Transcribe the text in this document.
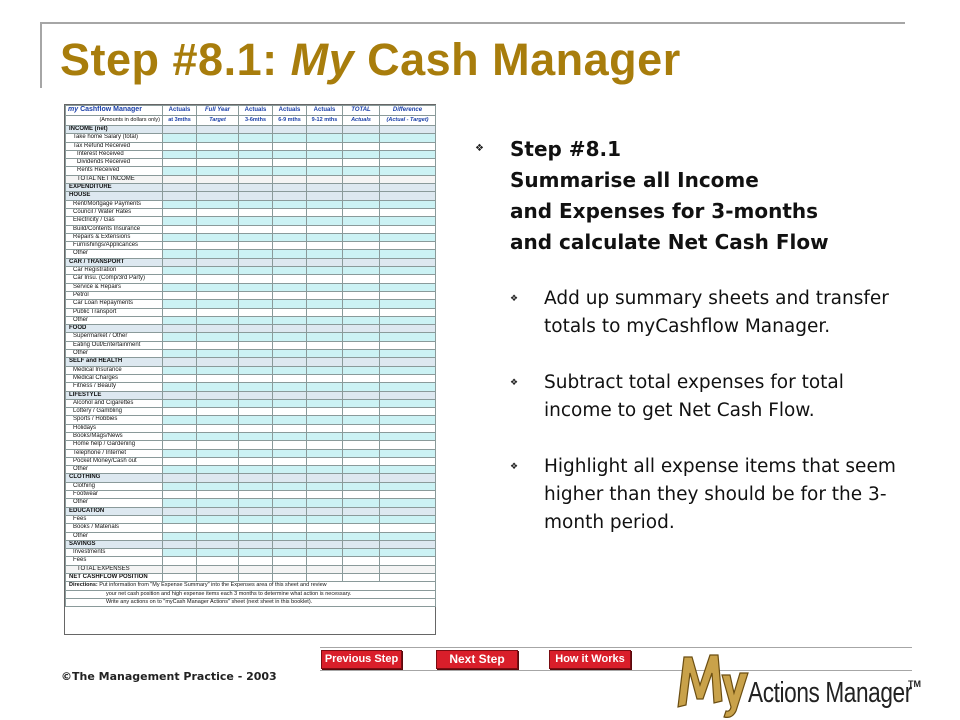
Step #8.1: My Cash Manager
my Cashflow Manager	Actuals	Full Year	Actuals	Actuals	Actuals	TOTAL	Difference
(Amounts in dollars only)	at 3mths	Target	3-6mths	6-9 mths	9-12 mths	Actuals	(Actual - Target)
INCOME (net)							
Take home Salary (total)							
Tax Refund Received							
Interest Received							
Dividends Received							
Rents Received							
TOTAL NET INCOME							
EXPENDITURE							
HOUSE							
Rent/Mortgage Payments							
Council / Water Rates							
Electricity / Gas							
Build/Contents Insurance							
Repairs & Extensions							
Furnishings/Applicances							
Other							
CAR / TRANSPORT							
Car Registration							
Car Insu. (Comp/3rd Party)							
Service & Repairs							
Petrol							
Car Loan Repayments							
Public Transport							
Other							
FOOD							
Supermarket / Other							
Eating Out/Entertainment							
Other							
SELF and HEALTH							
Medical Insurance							
Medical Charges							
Fitness / Beauty							
LIFESTYLE							
Alcohol and Cigarettes							
Lottery / Gambling							
Sports / Hobbies							
Holidays							
Books/Mags/News							
Home help / Gardening							
Telephone / Internet							
Pocket Money/Cash out							
Other							
CLOTHING							
Clothing							
Footwear							
Other							
EDUCATION							
Fees							
Books / Materials							
Other							
SAVINGS							
Investments							
Fees							
TOTAL EXPENSES							
NET CASHFLOW POSITION							
Directions: Put information from "My Expense Summary" into the Expenses area of this sheet and review							
your net cash position and high expense items each 3 months to determine what action is necessary.							
Write any actions on to "myCash Manager Actions" sheet (next sheet in this booklet).							
❖ Step #8.1
Summarise all Income
and Expenses for 3-months
and calculate Net Cash Flow
❖ Add up summary sheets and transfer totals to myCashflow Manager.
❖ Subtract total expenses for total income to get Net Cash Flow.
❖ Highlight all expense items that seem higher than they should be for the 3-month period.
Previous Step	Next Step	How it Works
©The Management Practice - 2003
Actions Manager
TM
